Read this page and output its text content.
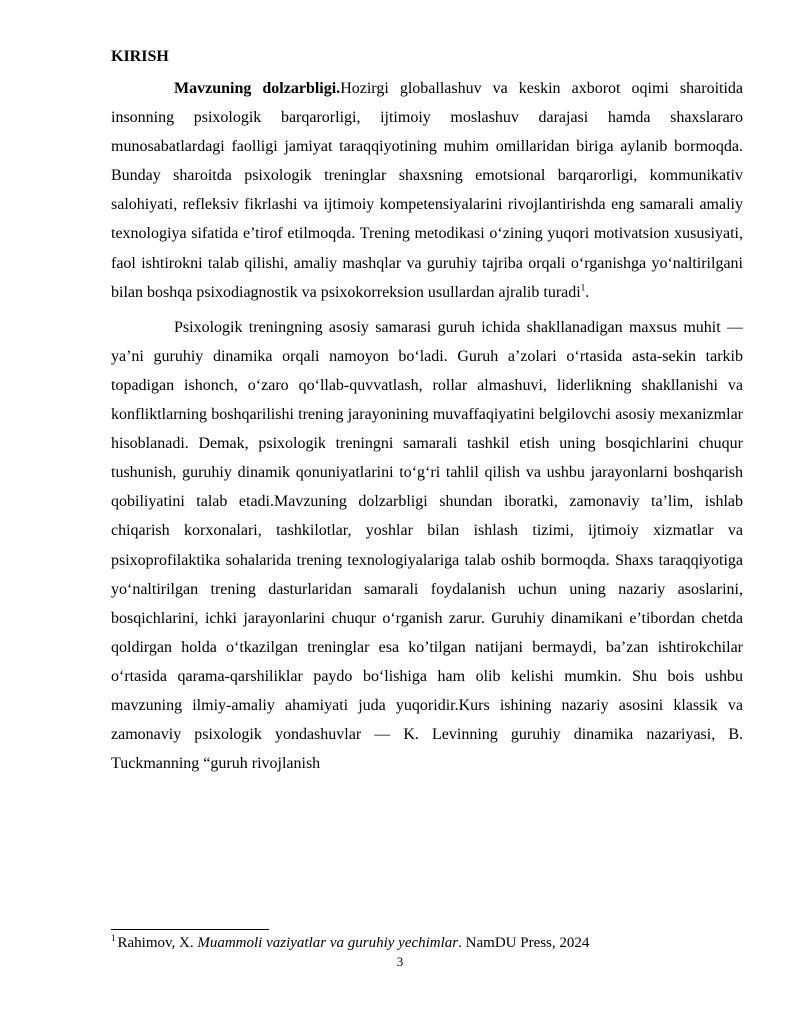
KIRISH

Mavzuning dolzarbligi.Hozirgi globallashuv va keskin axborot oqimi sharoitida insonning psixologik barqarorligi, ijtimoiy moslashuv darajasi hamda shaxslararo munosabatlardagi faolligi jamiyat taraqqiyotining muhim omillaridan biriga aylanib bormoqda. Bunday sharoitda psixologik treninglar shaxsning emotsional barqarorligi, kommunikativ salohiyati, refleksiv fikrlashi va ijtimoiy kompetensiyalarini rivojlantirishda eng samarali amaliy texnologiya sifatida e’tirof etilmoqda. Trening metodikasi o‘zining yuqori motivatsion xususiyati, faol ishtirokni talab qilishi, amaliy mashqlar va guruhiy tajriba orqali o‘rganishga yo‘naltirilgani bilan boshqa psixodiagnostik va psixokorreksion usullardan ajralib turadi$^1$.

Psixologik treningning asosiy samarasi guruh ichida shakllanadigan maxsus muhit — ya’ni guruhiy dinamika orqali namoyon bo‘ladi. Guruh a’zolari o‘rtasida asta-sekin tarkib topadigan ishonch, o‘zaro qo‘llab-quvvatlash, rollar almashuvi, liderlikning shakllanishi va konfliktlarning boshqarilishi trening jarayonining muvaffaqiyatini belgilovchi asosiy mexanizmlar hisoblanadi. Demak, psixologik treningni samarali tashkil etish uning bosqichlarini chuqur tushunish, guruhiy dinamik qonuniyatlarini to‘g‘ri tahlil qilish va ushbu jarayonlarni boshqarish qobiliyatini talab etadi.Mavzuning dolzarbligi shundan iboratki, zamonaviy ta’lim, ishlab chiqarish korxonalari, tashkilotlar, yoshlar bilan ishlash tizimi, ijtimoiy xizmatlar va psixoprofilaktika sohalarida trening texnologiyalariga talab oshib bormoqda. Shaxs taraqqiyotiga yo‘naltirilgan trening dasturlaridan samarali foydalanish uchun uning nazariy asoslarini, bosqichlarini, ichki jarayonlarini chuqur o‘rganish zarur. Guruhiy dinamikani e’tibordan chetda qoldirgan holda o‘tkazilgan treninglar esa ko’tilgan natijani bermaydi, ba’zan ishtirokchilar o‘rtasida qarama-qarshiliklar paydo bo‘lishiga ham olib kelishi mumkin. Shu bois ushbu mavzuning ilmiy-amaliy ahamiyati juda yuqoridir.Kurs ishining nazariy asosini klassik va zamonaviy psixologik yondashuvlar — K. Levinning guruhiy dinamika nazariyasi, B. Tuckmanning “guruh rivojlanish

$^1$ Rahimov, X. Muammoli vaziyatlar va guruhiy yechimlar. NamDU Press, 2024
3
